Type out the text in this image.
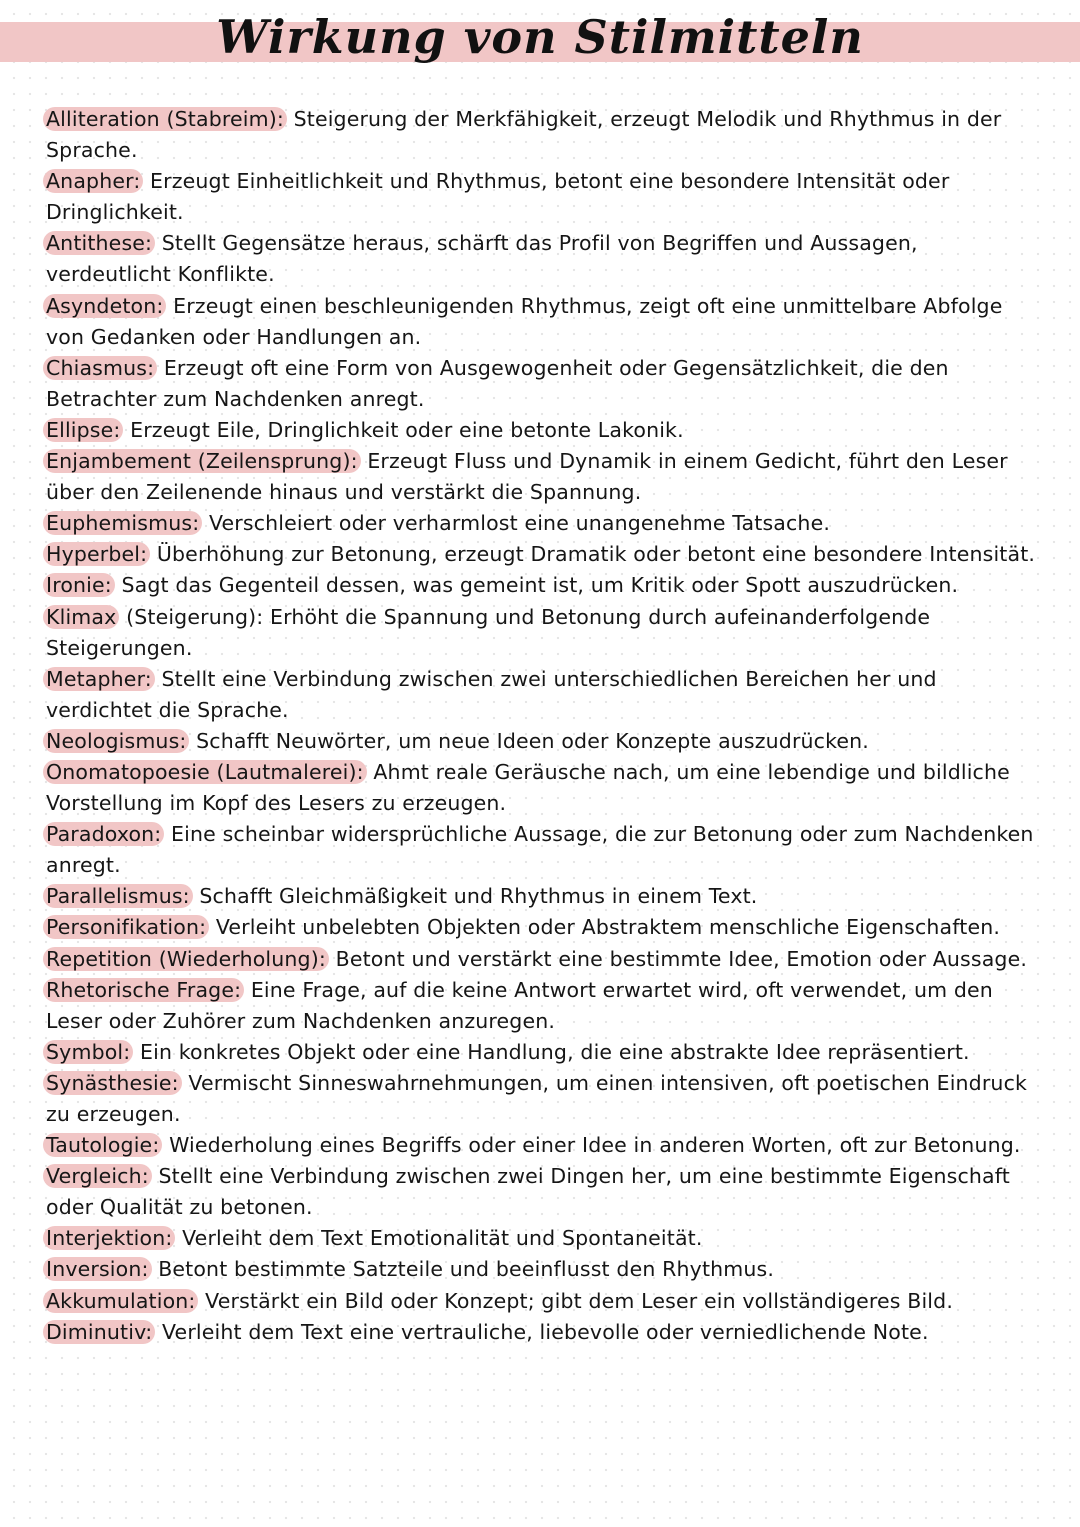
Wirkung von Stilmitteln
Alliteration (Stabreim): Steigerung der Merkfähigkeit, erzeugt Melodik und Rhythmus in der Sprache.
Anapher: Erzeugt Einheitlichkeit und Rhythmus, betont eine besondere Intensität oder Dringlichkeit.
Antithese: Stellt Gegensätze heraus, schärft das Profil von Begriffen und Aussagen, verdeutlicht Konflikte.
Asyndeton: Erzeugt einen beschleunigenden Rhythmus, zeigt oft eine unmittelbare Abfolge von Gedanken oder Handlungen an.
Chiasmus: Erzeugt oft eine Form von Ausgewogenheit oder Gegensätzlichkeit, die den Betrachter zum Nachdenken anregt.
Ellipse: Erzeugt Eile, Dringlichkeit oder eine betonte Lakonik.
Enjambement (Zeilensprung): Erzeugt Fluss und Dynamik in einem Gedicht, führt den Leser über den Zeilenende hinaus und verstärkt die Spannung.
Euphemismus: Verschleiert oder verharmlost eine unangenehme Tatsache.
Hyperbel: Überhöhung zur Betonung, erzeugt Dramatik oder betont eine besondere Intensität.
Ironie: Sagt das Gegenteil dessen, was gemeint ist, um Kritik oder Spott auszudrücken.
Klimax (Steigerung): Erhöht die Spannung und Betonung durch aufeinanderfolgende Steigerungen.
Metapher: Stellt eine Verbindung zwischen zwei unterschiedlichen Bereichen her und verdichtet die Sprache.
Neologismus: Schafft Neuwörter, um neue Ideen oder Konzepte auszudrücken.
Onomatopoesie (Lautmalerei): Ahmt reale Geräusche nach, um eine lebendige und bildliche Vorstellung im Kopf des Lesers zu erzeugen.
Paradoxon: Eine scheinbar widersprüchliche Aussage, die zur Betonung oder zum Nachdenken anregt.
Parallelismus: Schafft Gleichmäßigkeit und Rhythmus in einem Text.
Personifikation: Verleiht unbelebten Objekten oder Abstraktem menschliche Eigenschaften.
Repetition (Wiederholung): Betont und verstärkt eine bestimmte Idee, Emotion oder Aussage.
Rhetorische Frage: Eine Frage, auf die keine Antwort erwartet wird, oft verwendet, um den Leser oder Zuhörer zum Nachdenken anzuregen.
Symbol: Ein konkretes Objekt oder eine Handlung, die eine abstrakte Idee repräsentiert.
Synästhesie: Vermischt Sinneswahrnehmungen, um einen intensiven, oft poetischen Eindruck zu erzeugen.
Tautologie: Wiederholung eines Begriffs oder einer Idee in anderen Worten, oft zur Betonung.
Vergleich: Stellt eine Verbindung zwischen zwei Dingen her, um eine bestimmte Eigenschaft oder Qualität zu betonen.
Interjektion: Verleiht dem Text Emotionalität und Spontaneität.
Inversion: Betont bestimmte Satzteile und beeinflusst den Rhythmus.
Akkumulation: Verstärkt ein Bild oder Konzept; gibt dem Leser ein vollständigeres Bild.
Diminutiv: Verleiht dem Text eine vertrauliche, liebevolle oder verniedlichende Note.
